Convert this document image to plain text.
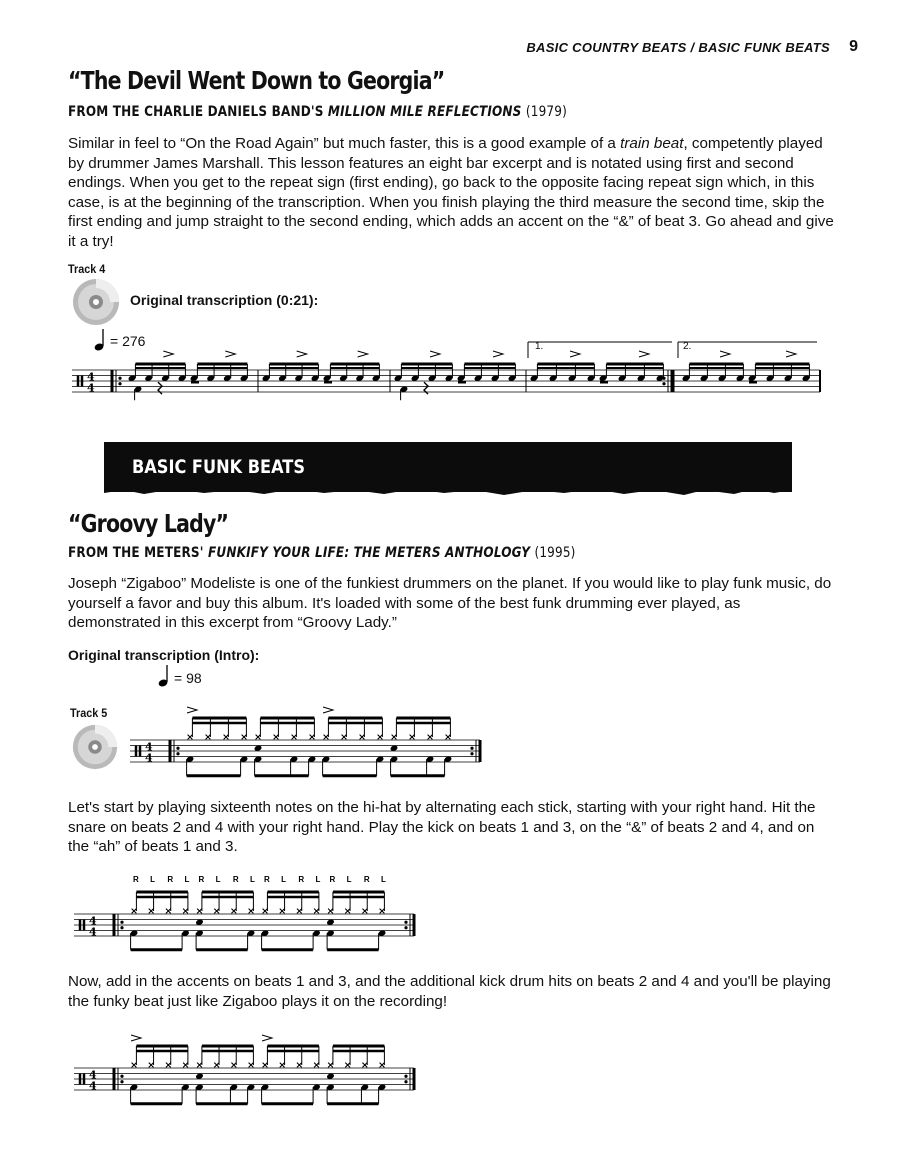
BASIC COUNTRY BEATS / BASIC FUNK BEATS 9
“The Devil Went Down to Georgia”
FROM THE CHARLIE DANIELS BAND'S MILLION MILE REFLECTIONS (1979)
Similar in feel to “On the Road Again” but much faster, this is a good example of a train beat, competently played by drummer James Marshall. This lesson features an eight bar excerpt and is notated using first and second endings. When you get to the repeat sign (first ending), go back to the opposite facing repeat sign which, in this case, is at the beginning of the transcription. When you finish playing the third measure the second time, skip the first ending and jump straight to the second ending, which adds an accent on the “&” of beat 3. Go ahead and give it a try!
Track 4
Original transcription (0:21):
= 276
4
4
1.	2.
BASIC FUNK BEATS
“Groovy Lady”
FROM THE METERS' FUNKIFY YOUR LIFE: THE METERS ANTHOLOGY (1995)
Joseph “Zigaboo” Modeliste is one of the funkiest drummers on the planet. If you would like to play funk music, do yourself a favor and buy this album. It's loaded with some of the best funk drumming ever played, as demonstrated in this excerpt from “Groovy Lady.”
Original transcription (Intro):
= 98
Track 5
4
4
Let's start by playing sixteenth notes on the hi-hat by alternating each stick, starting with your right hand. Hit the snare on beats 2 and 4 with your right hand. Play the kick on beats 1 and 3, on the “&” of beats 2 and 4, and on the “ah” of beats 1 and 3.
4
4
R L R L R L R L R L R L R L R L
Now, add in the accents on beats 1 and 3, and the additional kick drum hits on beats 2 and 4 and you'll be playing the funky beat just like Zigaboo plays it on the recording!
4
4
